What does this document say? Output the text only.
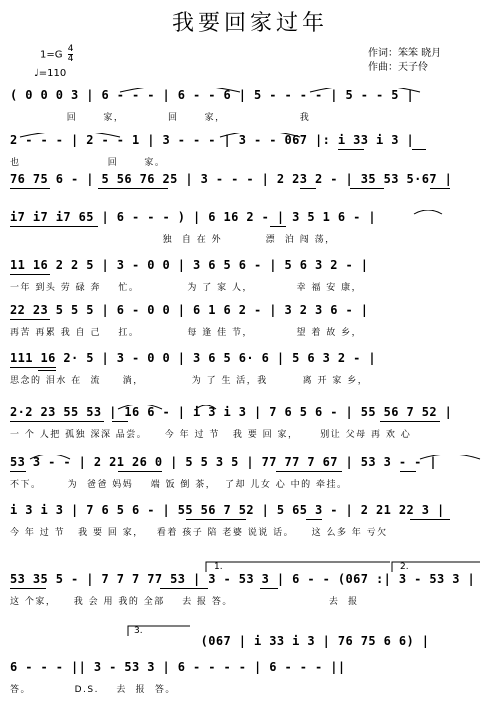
我要回家过年
$1=G \frac{4}{4}$
♩=110
作词：笨笨 晓月
作曲：天子伶
( 0 0 0 3 | 6 - - - | 6 - - 6 | 5 - - - - | 5 - - 5 |
回      家，          回      家，                 我
2 - - - | 2 - - 1 | 3 - - - | 3 - - 067 |: i 33 i 3 |
也                    回      家。
76 75 6 - | 5 56 76 25 | 3 - - - | 2 23 2 - | 35 53 5·67 |
i7 i7 i7 65 | 6 - - - ) | 6 16 2 - | 3 5 1 6 - |
独  自 在 外          漂  泊 闯 荡，
11 16 2 2 5 | 3 - 0 0 | 3 6 5 6 - | 5 6 3 2 - |
一年 到头 劳 碌 奔    忙。           为 了 家 人，          幸 福 安 康，
22 23 5 5 5 | 6 - 0 0 | 6 1 6 2 - | 3 2 3 6 - |
再苦 再累 我 自 己    扛。           每 逢 佳 节，          望 着 故 乡，
111 16 2· 5 | 3 - 0 0 | 3 6 5 6· 6 | 5 6 3 2 - |
思念的 泪水 在  流     淌，           为 了 生 活，我        离 开 家 乡，
2·2 23 55 53 | 16 6 - | i 3 i 3 | 7 6 5 6 - | 55 56 7 52 |
一 个 人把 孤独 深深 品尝。    今 年 过 节   我 要 回 家，     别让 父母 再 欢 心
53 3 - - | 2 21 26 0 | 5 5 3 5 | 77 77 7 67 | 53 3 - - |
不下。      为  爸爸 妈妈    端 饭 倒 茶，  了却 儿女 心 中的 牵挂。
i 3 i 3 | 7 6 5 6 - | 55 56 7 52 | 5 65 3 - | 2 21 22 3 |
今 年 过 节   我 要 回 家，   看着 孩子 陪 老婆 说说 话。    这 么多 年 亏欠
1.	2.
53 35 5 - | 7 7 7 77 53 | 3 - 53 3 | 6 - - (067 :| 3 - 53 3 |
这 个家，    我 会 用 我的 全部    去 报 答。                      去  报
3.
(067 | i 33 i 3 | 76 75 6 6) |
6 - - - || 3 - 53 3 | 6 - - - - | 6 - - - ||
答。          D.S.    去  报  答。
